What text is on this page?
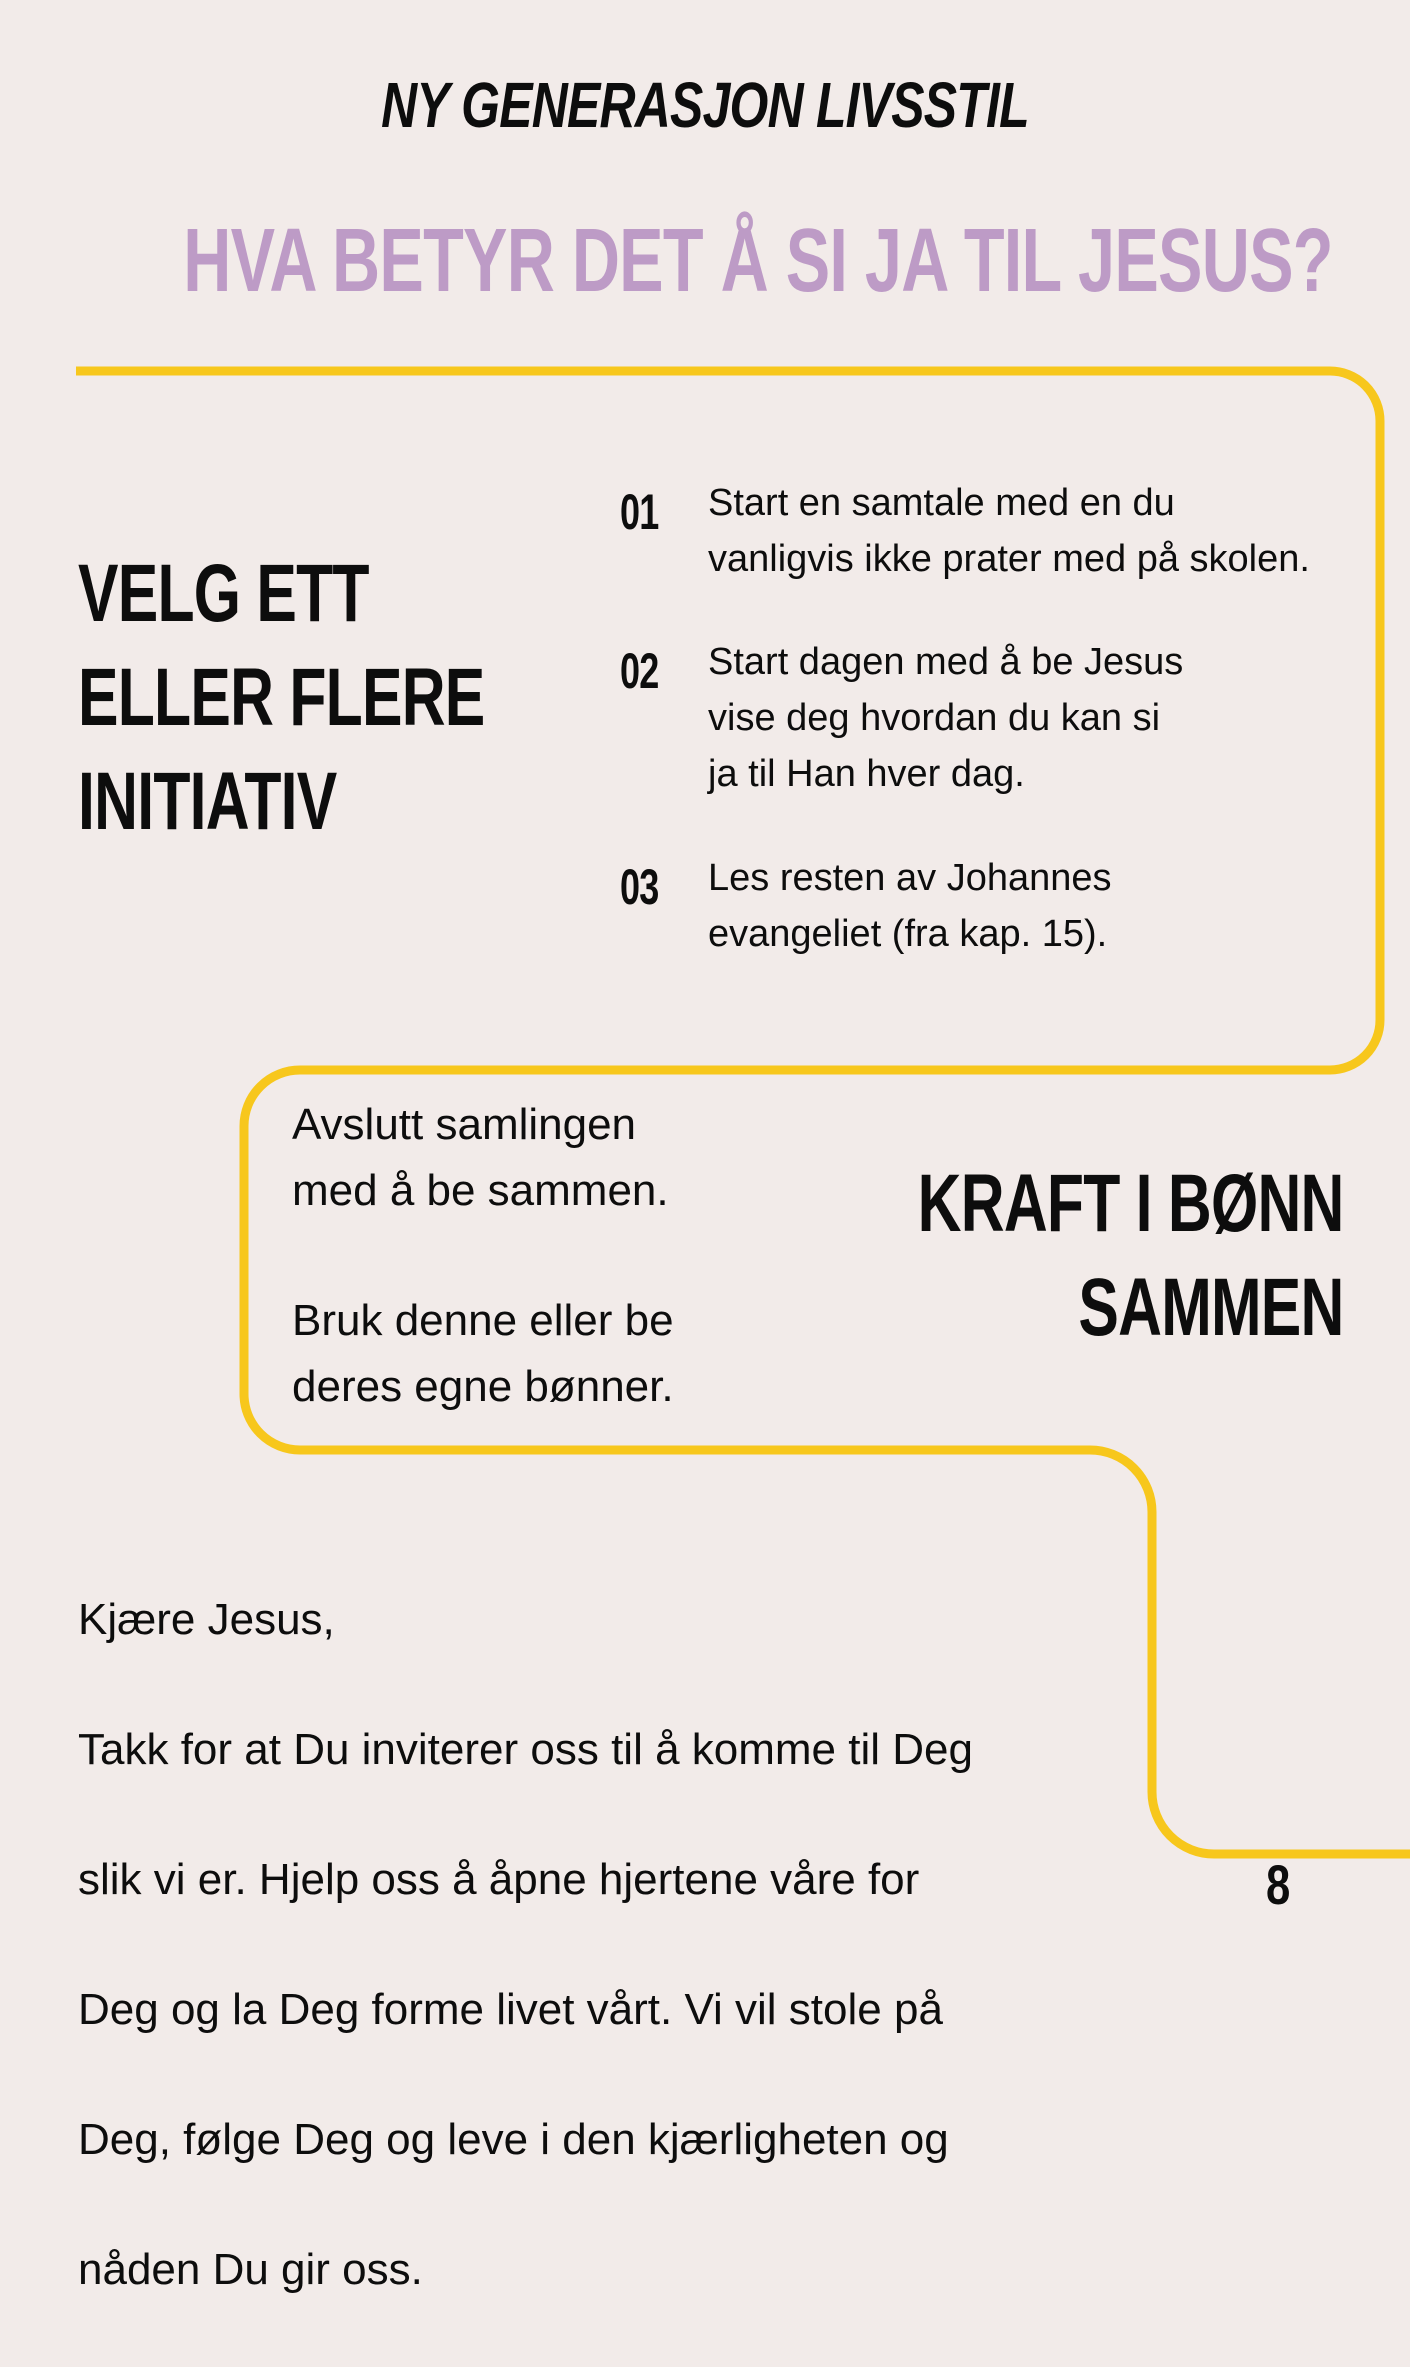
NY GENERASJON LIVSSTIL
HVA BETYR DET Å SI JA TIL JESUS?
VELG ETT
ELLER FLERE
INITIATIV
01 Start en samtale med en du
vanligvis ikke prater med på skolen.
02 Start dagen med å be Jesus
vise deg hvordan du kan si
ja til Han hver dag.
03 Les resten av Johannes
evangeliet (fra kap. 15).

Avslutt samlingen
med å be sammen.

Bruk denne eller be
deres egne bønner.

KRAFT I BØNN
SAMMEN

Kjære Jesus,

Takk for at Du inviterer oss til å komme til Deg

slik vi er. Hjelp oss å åpne hjertene våre for

Deg og la Deg forme livet vårt. Vi vil stole på

Deg, følge Deg og leve i den kjærligheten og

nåden Du gir oss.

8
